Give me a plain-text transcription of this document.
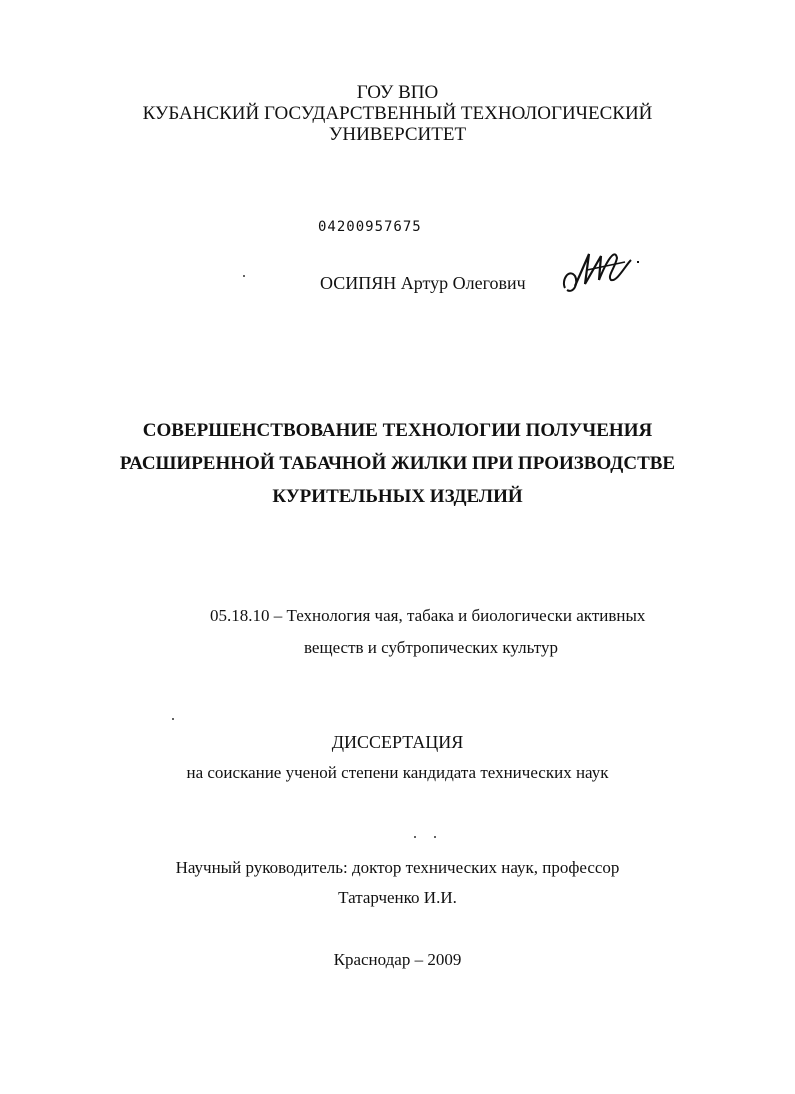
ГОУ ВПО
КУБАНСКИЙ ГОСУДАРСТВЕННЫЙ ТЕХНОЛОГИЧЕСКИЙ
УНИВЕРСИТЕТ
04200957675
ОСИПЯН Артур Олегович
СОВЕРШЕНСТВОВАНИЕ ТЕХНОЛОГИИ ПОЛУЧЕНИЯ
РАСШИРЕННОЙ ТАБАЧНОЙ ЖИЛКИ ПРИ ПРОИЗВОДСТВЕ
КУРИТЕЛЬНЫХ ИЗДЕЛИЙ
05.18.10 – Технология чая, табака и биологически активных
веществ и субтропических культур
ДИССЕРТАЦИЯ
на соискание ученой степени кандидата технических наук
Научный руководитель: доктор технических наук, профессор
Татарченко И.И.
Краснодар – 2009
